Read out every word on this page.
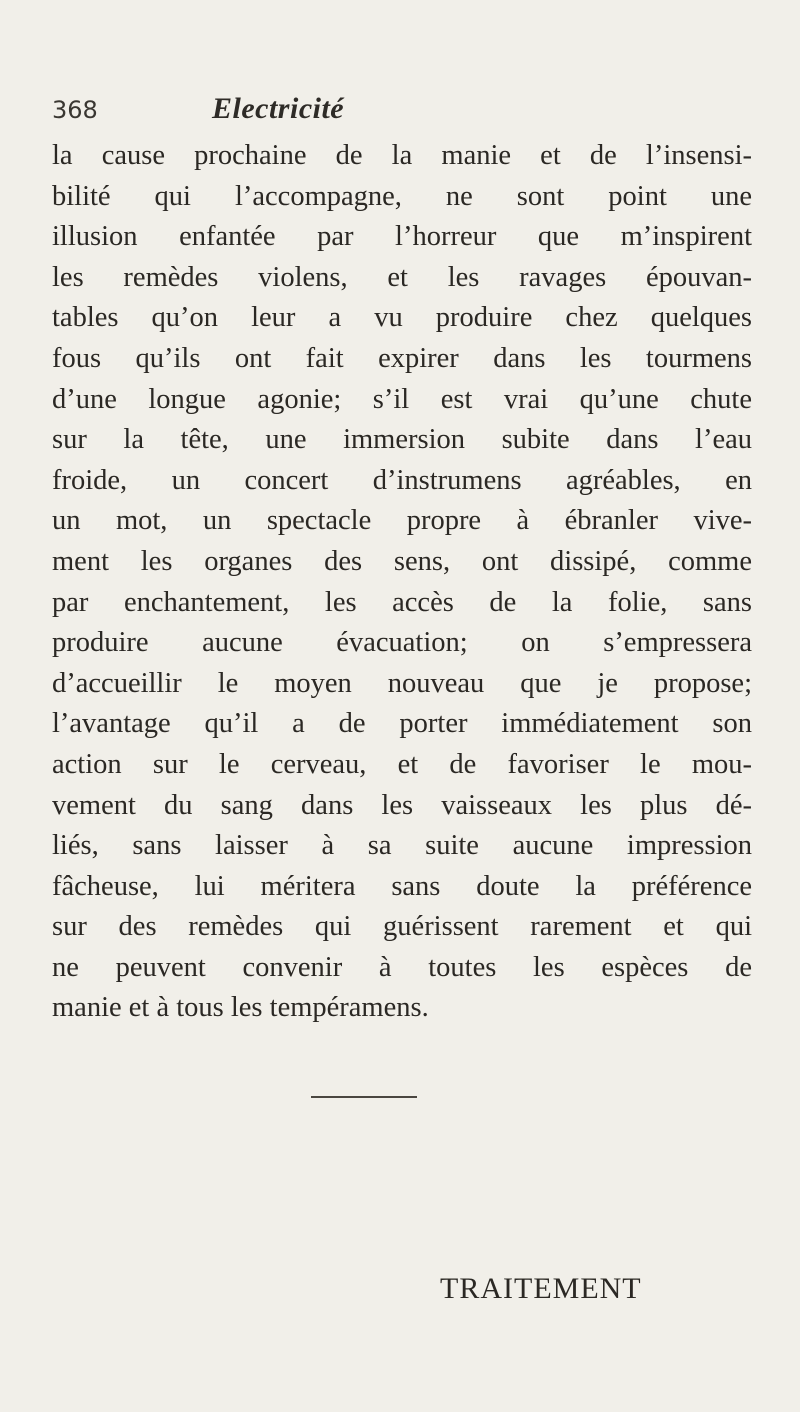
368	Electricité
la cause prochaine de la manie et de l’insensi-
bilité qui l’accompagne, ne sont point une
illusion enfantée par l’horreur que m’inspirent
les remèdes violens, et les ravages épouvan-
tables qu’on leur a vu produire chez quelques
fous qu’ils ont fait expirer dans les tourmens
d’une longue agonie; s’il est vrai qu’une chute
sur la tête, une immersion subite dans l’eau
froide, un concert d’instrumens agréables, en
un mot, un spectacle propre à ébranler vive-
ment les organes des sens, ont dissipé, comme
par enchantement, les accès de la folie, sans
produire aucune évacuation; on s’empressera
d’accueillir le moyen nouveau que je propose;
l’avantage qu’il a de porter immédiatement son
action sur le cerveau, et de favoriser le mou-
vement du sang dans les vaisseaux les plus dé-
liés, sans laisser à sa suite aucune impression
fâcheuse, lui méritera sans doute la préférence
sur des remèdes qui guérissent rarement et qui
ne peuvent convenir à toutes les espèces de
manie et à tous les tempéramens.
TRAITEMENT
